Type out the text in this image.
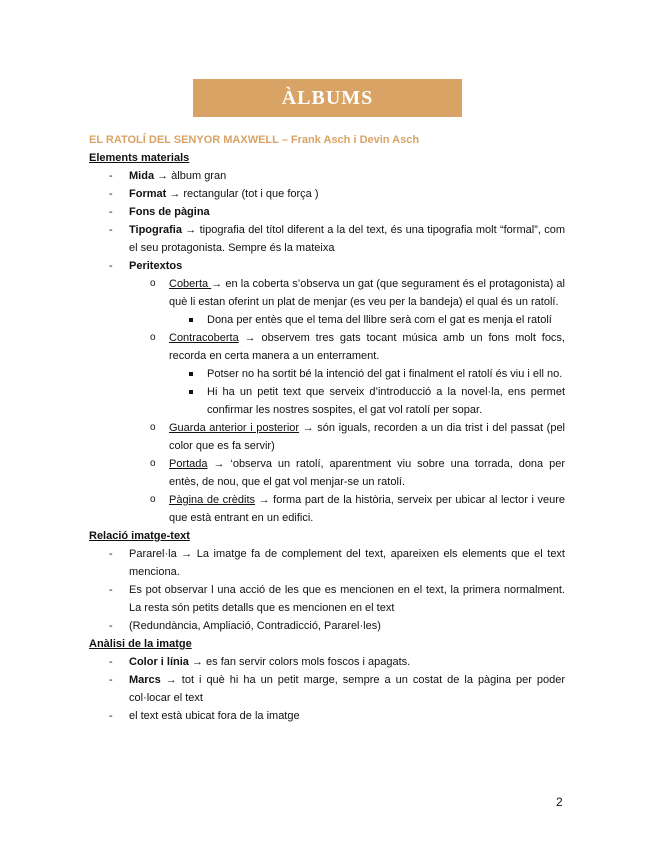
ÀLBUMS
EL RATOLÍ DEL SENYOR MAXWELL – Frank Asch i Devin Asch
Elements materials
- Mida → àlbum gran
- Format → rectangular (tot i que força )
- Fons de pàgina
- Tipografia → tipografia del títol diferent a la del text, és una tipografia molt “formal”, com el seu protagonista. Sempre és la mateixa
- Peritextos
o Coberta → en la coberta s’observa un gat (que segurament és el protagonista) al què li estan oferint un plat de menjar (es veu per la bandeja) el qual és un ratolí.
Dona per entès que el tema del llibre serà com el gat es menja el ratolí
o Contracoberta → observem tres gats tocant música amb un fons molt focs, recorda en certa manera a un enterrament.
Potser no ha sortit bé la intenció del gat i finalment el ratolí és viu i ell no.
Hi ha un petit text que serveix d’introducció a la novel·la, ens permet confirmar les nostres sospites, el gat vol ratolí per sopar.
o Guarda anterior i posterior → són iguals, recorden a un dia trist i del passat (pel color que es fa servir)
o Portada → ‘observa un ratolí, aparentment viu sobre una torrada, dona per entès, de nou, que el gat vol menjar-se un ratolí.
o Pàgina de crèdits → forma part de la història, serveix per ubicar al lector i veure que està entrant en un edifici.
Relació imatge-text
- Pararel·la → La imatge fa de complement del text, apareixen els elements que el text menciona.
- Es pot observar l una acció de les que es mencionen en el text, la primera normalment. La resta són petits detalls que es mencionen en el text
- (Redundància, Ampliació, Contradicció, Pararel·les)
Anàlisi de la imatge
- Color i línia → es fan servir colors mols foscos i apagats.
- Marcs → tot i què hi ha un petit marge, sempre a un costat de la pàgina per poder col·locar el text
- el text està ubicat fora de la imatge
2
